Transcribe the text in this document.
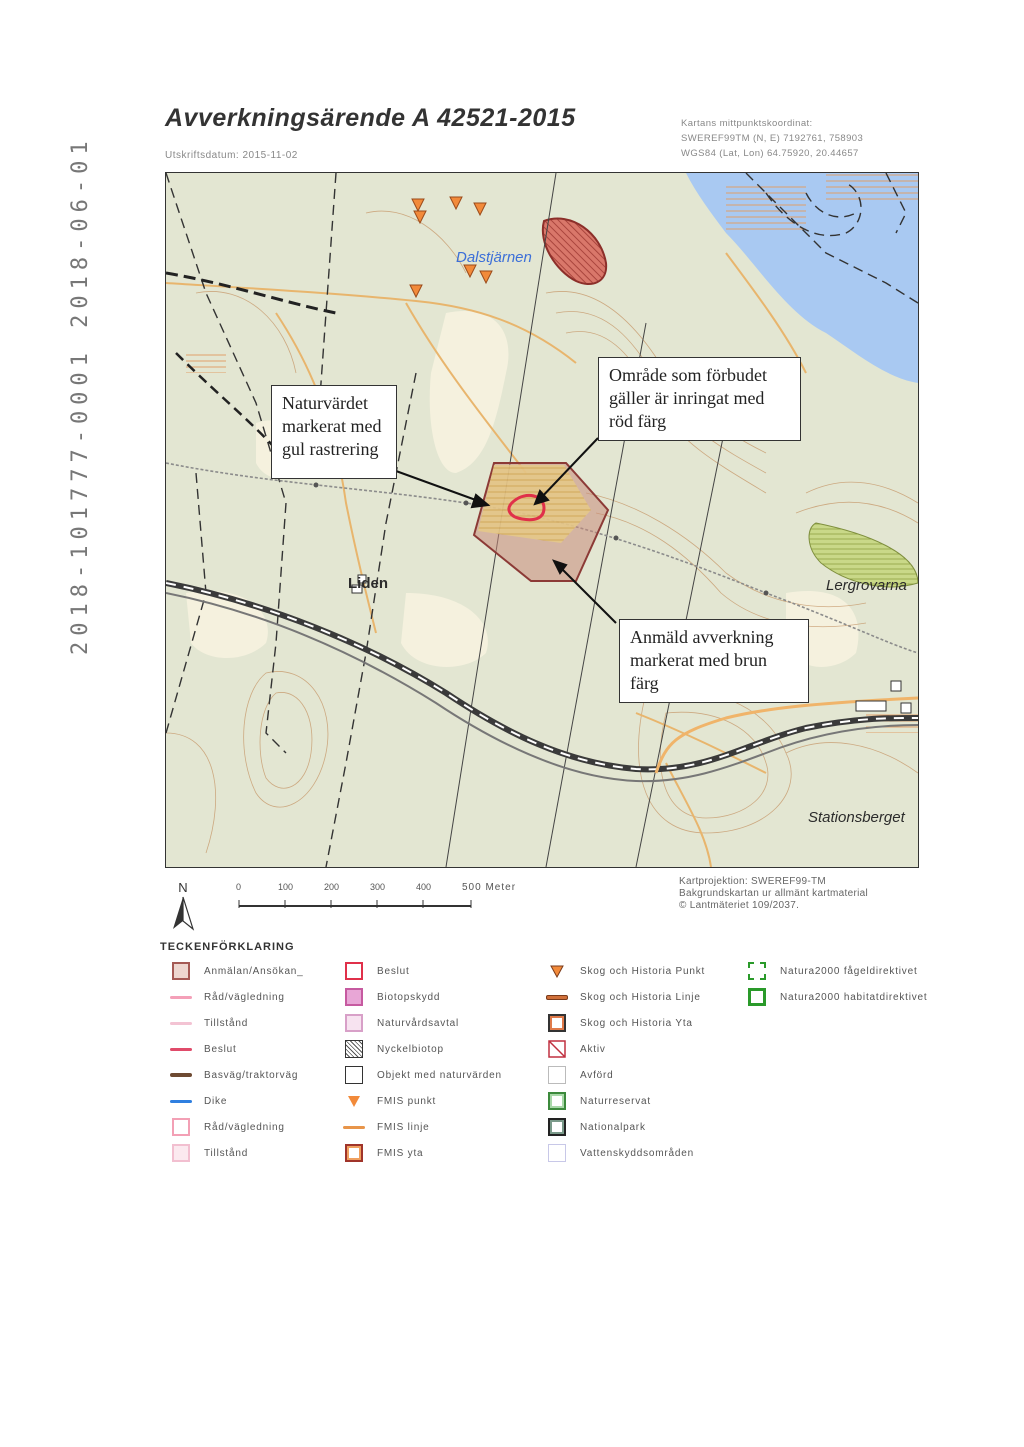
2018-101777-0001 2018-06-01
Avverkningsärende A 42521-2015
Utskriftsdatum: 2015-11-02
Kartans mittpunktskoordinat:
SWEREF99TM (N, E) 7192761, 758903
WGS84 (Lat, Lon) 64.75920, 20.44657
Dalstjärnen
Liden	Lergrovarna
Stationsberget
Naturvärdet markerat med gul rastrering
Område som förbudet gäller är inringat med röd färg
Anmäld avverkning markerat med brun färg
N	0	100	200	300	400	500 Meter
Kartprojektion: SWEREF99-TM
Bakgrundskartan ur allmänt kartmaterial
© Lantmäteriet 109/2037.
TECKENFÖRKLARING
Anmälan/Ansökan_
Råd/vägledning
Tillstånd
Beslut
Basväg/traktorväg
Dike
Råd/vägledning
Tillstånd
Beslut
Biotopskydd
Naturvårdsavtal
Nyckelbiotop
Objekt med naturvärden
FMIS punkt
FMIS linje
FMIS yta
Skog och Historia Punkt
Skog och Historia Linje
Skog och Historia Yta
Aktiv
Avförd
Naturreservat
Nationalpark
Vattenskyddsområden
Natura2000 fågeldirektivet
Natura2000 habitatdirektivet
